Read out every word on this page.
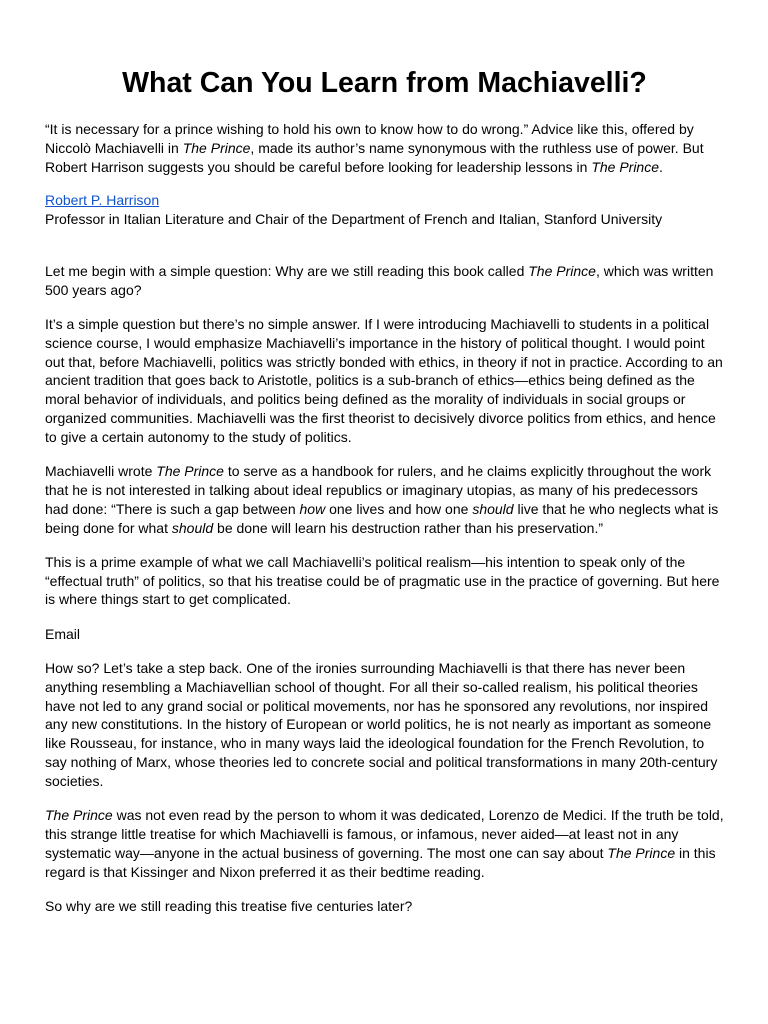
What Can You Learn from Machiavelli?

“It is necessary for a prince wishing to hold his own to know how to do wrong.” Advice like this, offered by Niccolò Machiavelli in The Prince, made its author’s name synonymous with the ruthless use of power. But Robert Harrison suggests you should be careful before looking for leadership lessons in The Prince.

Robert P. Harrison

Professor in Italian Literature and Chair of the Department of French and Italian, Stanford University

Let me begin with a simple question: Why are we still reading this book called The Prince, which was written 500 years ago?

It’s a simple question but there’s no simple answer. If I were introducing Machiavelli to students in a political science course, I would emphasize Machiavelli’s importance in the history of political thought. I would point out that, before Machiavelli, politics was strictly bonded with ethics, in theory if not in practice. According to an ancient tradition that goes back to Aristotle, politics is a sub-branch of ethics—ethics being defined as the moral behavior of individuals, and politics being defined as the morality of individuals in social groups or organized communities. Machiavelli was the first theorist to decisively divorce politics from ethics, and hence to give a certain autonomy to the study of politics.

Machiavelli wrote The Prince to serve as a handbook for rulers, and he claims explicitly throughout the work that he is not interested in talking about ideal republics or imaginary utopias, as many of his predecessors had done: “There is such a gap between how one lives and how one should live that he who neglects what is being done for what should be done will learn his destruction rather than his preservation.”

This is a prime example of what we call Machiavelli’s political realism—his intention to speak only of the “effectual truth” of politics, so that his treatise could be of pragmatic use in the practice of governing. But here is where things start to get complicated.

Email

How so? Let’s take a step back. One of the ironies surrounding Machiavelli is that there has never been anything resembling a Machiavellian school of thought. For all their so-called realism, his political theories have not led to any grand social or political movements, nor has he sponsored any revolutions, nor inspired any new constitutions. In the history of European or world politics, he is not nearly as important as someone like Rousseau, for instance, who in many ways laid the ideological foundation for the French Revolution, to say nothing of Marx, whose theories led to concrete social and political transformations in many 20th-century societies.

The Prince was not even read by the person to whom it was dedicated, Lorenzo de Medici. If the truth be told, this strange little treatise for which Machiavelli is famous, or infamous, never aided—at least not in any systematic way—anyone in the actual business of governing. The most one can say about The Prince in this regard is that Kissinger and Nixon preferred it as their bedtime reading.

So why are we still reading this treatise five centuries later?
